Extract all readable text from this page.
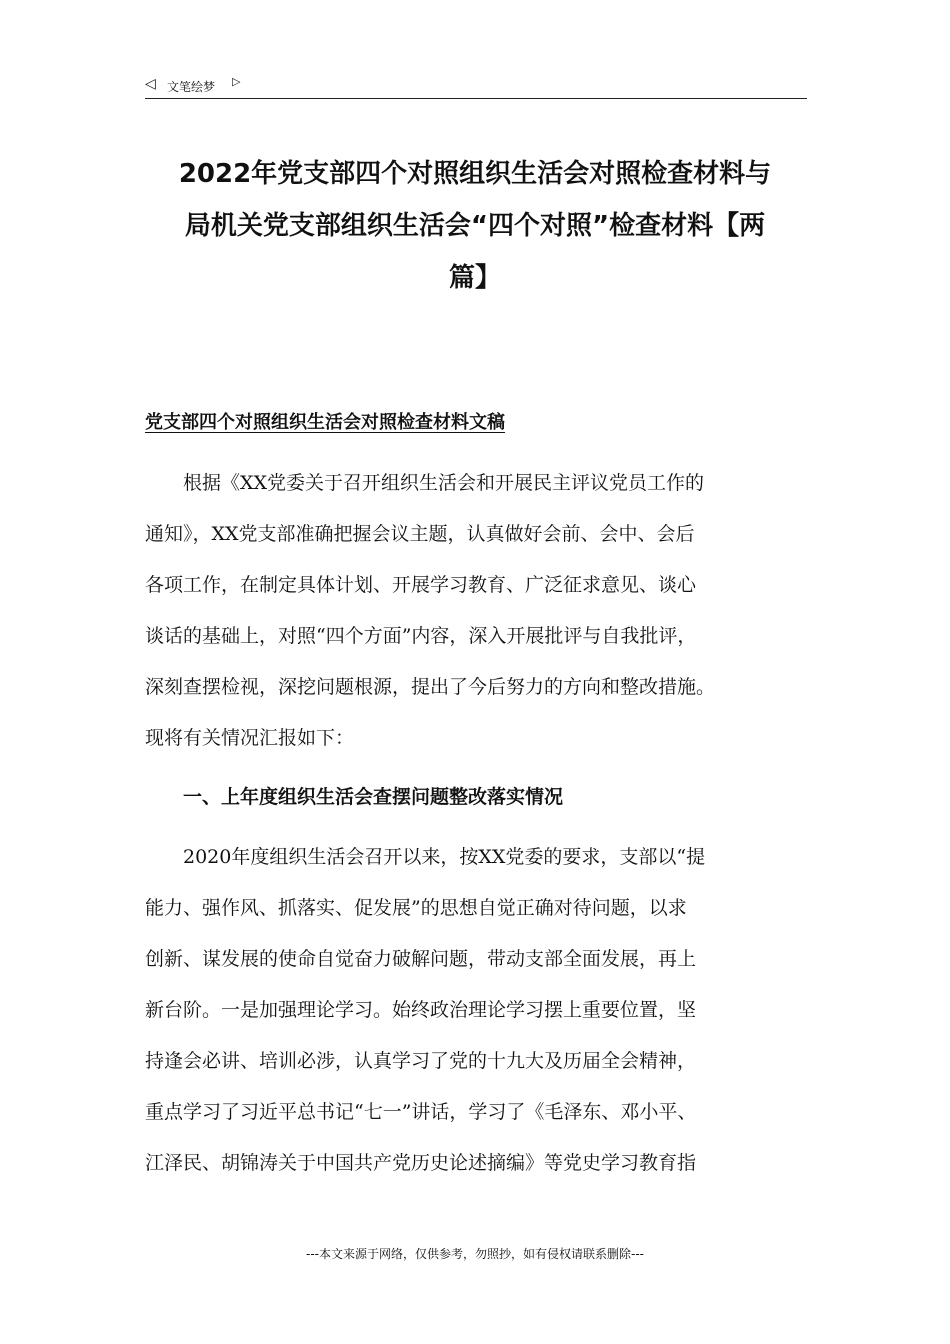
◁ 文笔绘梦 ▷
2022年党支部四个对照组织生活会对照检查材料与
局机关党支部组织生活会“四个对照”检查材料【两
篇】
党支部四个对照组织生活会对照检查材料文稿

根据《XX党委关于召开组织生活会和开展民主评议党员工作的

通知》，XX党支部准确把握会议主题，认真做好会前、会中、会后

各项工作，在制定具体计划、开展学习教育、广泛征求意见、谈心

谈话的基础上，对照“四个方面”内容，深入开展批评与自我批评，

深刻查摆检视，深挖问题根源，提出了今后努力的方向和整改措施。

现将有关情况汇报如下：

一、上年度组织生活会查摆问题整改落实情况

2020年度组织生活会召开以来，按XX党委的要求，支部以“提

能力、强作风、抓落实、促发展”的思想自觉正确对待问题，以求

创新、谋发展的使命自觉奋力破解问题，带动支部全面发展，再上

新台阶。一是加强理论学习。始终政治理论学习摆上重要位置，坚

持逢会必讲、培训必涉，认真学习了党的十九大及历届全会精神，

重点学习了习近平总书记“七一”讲话，学习了《毛泽东、邓小平、

江泽民、胡锦涛关于中国共产党历史论述摘编》等党史学习教育指

---本文来源于网络，仅供参考，勿照抄，如有侵权请联系删除---
